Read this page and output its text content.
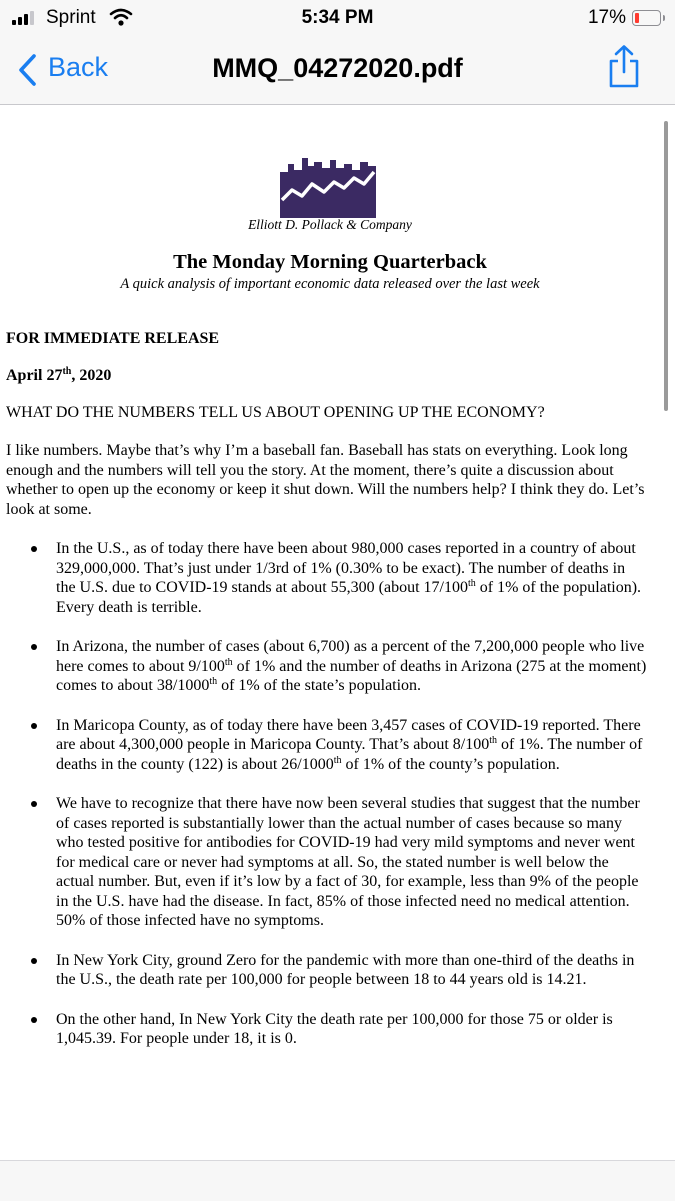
Sprint	5:34 PM	17%
Back	MMQ_04272020.pdf
Elliott D. Pollack & Company
The Monday Morning Quarterback
A quick analysis of important economic data released over the last week
FOR IMMEDIATE RELEASE
April 27th, 2020
WHAT DO THE NUMBERS TELL US ABOUT OPENING UP THE ECONOMY?
I like numbers. Maybe that’s why I’m a baseball fan. Baseball has stats on everything. Look long enough and the numbers will tell you the story. At the moment, there’s quite a discussion about whether to open up the economy or keep it shut down. Will the numbers help? I think they do. Let’s look at some.
In the U.S., as of today there have been about 980,000 cases reported in a country of about 329,000,000. That’s just under 1/3rd of 1% (0.30% to be exact). The number of deaths in the U.S. due to COVID-19 stands at about 55,300 (about 17/100th of 1% of the population). Every death is terrible.
In Arizona, the number of cases (about 6,700) as a percent of the 7,200,000 people who live here comes to about 9/100th of 1% and the number of deaths in Arizona (275 at the moment) comes to about 38/1000th of 1% of the state’s population.
In Maricopa County, as of today there have been 3,457 cases of COVID-19 reported. There are about 4,300,000 people in Maricopa County. That’s about 8/100th of 1%. The number of deaths in the county (122) is about 26/1000th of 1% of the county’s population.
We have to recognize that there have now been several studies that suggest that the number of cases reported is substantially lower than the actual number of cases because so many who tested positive for antibodies for COVID-19 had very mild symptoms and never went for medical care or never had symptoms at all. So, the stated number is well below the actual number. But, even if it’s low by a fact of 30, for example, less than 9% of the people in the U.S. have had the disease. In fact, 85% of those infected need no medical attention. 50% of those infected have no symptoms.
In New York City, ground Zero for the pandemic with more than one-third of the deaths in the U.S., the death rate per 100,000 for people between 18 to 44 years old is 14.21.
On the other hand, In New York City the death rate per 100,000 for those 75 or older is 1,045.39. For people under 18, it is 0.
